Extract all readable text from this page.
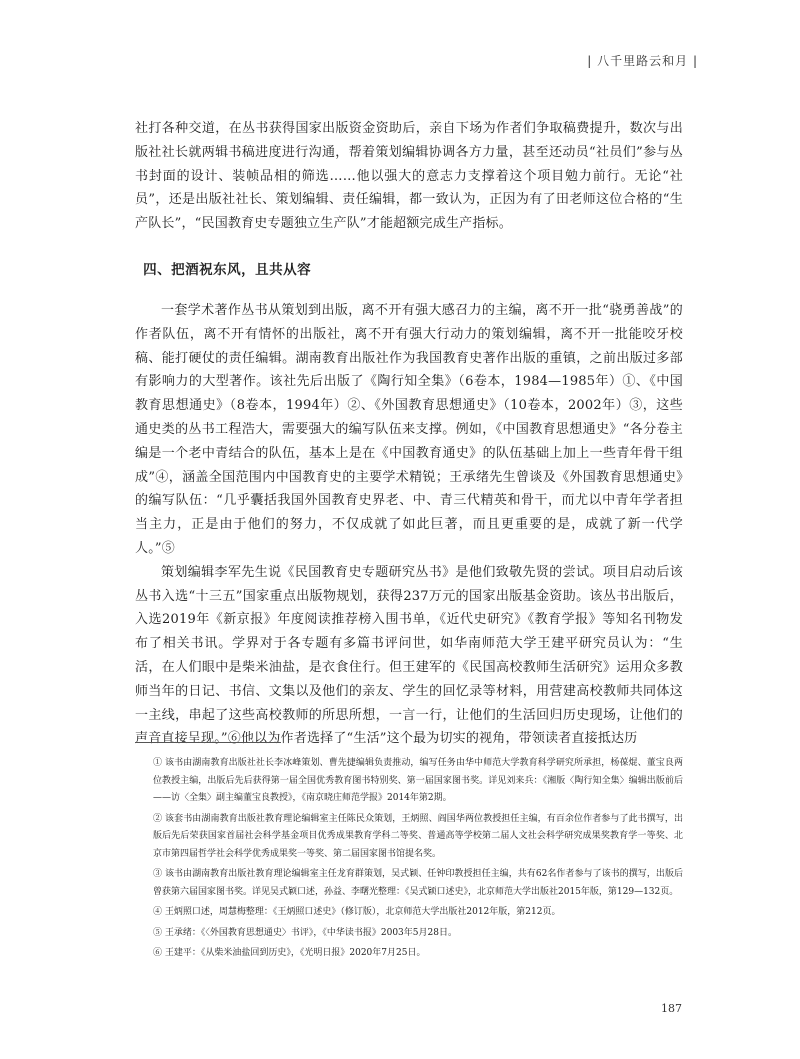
| 八千里路云和月 |

社打各种交道，在丛书获得国家出版资金资助后，亲自下场为作者们争取稿费提升，数次与出版社社长就两辑书稿进度进行沟通，帮着策划编辑协调各方力量，甚至还动员“社员们”参与丛书封面的设计、装帧品相的筛选……他以强大的意志力支撑着这个项目勉力前行。无论“社员”，还是出版社社长、策划编辑、责任编辑，都一致认为，正因为有了田老师这位合格的“生产队长”，“民国教育史专题独立生产队”才能超额完成生产指标。

四、把酒祝东风，且共从容

一套学术著作丛书从策划到出版，离不开有强大感召力的主编，离不开一批“骁勇善战”的作者队伍，离不开有情怀的出版社，离不开有强大行动力的策划编辑，离不开一批能咬牙校稿、能打硬仗的责任编辑。湖南教育出版社作为我国教育史著作出版的重镇，之前出版过多部有影响力的大型著作。该社先后出版了《陶行知全集》（6卷本，1984—1985年）①、《中国教育思想通史》（8卷本，1994年）②、《外国教育思想通史》（10卷本，2002年）③，这些通史类的丛书工程浩大，需要强大的编写队伍来支撑。例如，《中国教育思想通史》“各分卷主编是一个老中青结合的队伍，基本上是在《中国教育通史》的队伍基础上加上一些青年骨干组成”④，涵盖全国范围内中国教育史的主要学术精锐；王承绪先生曾谈及《外国教育思想通史》的编写队伍：“几乎囊括我国外国教育史界老、中、青三代精英和骨干，而尤以中青年学者担当主力，正是由于他们的努力，不仅成就了如此巨著，而且更重要的是，成就了新一代学人。”⑤

策划编辑李军先生说《民国教育史专题研究丛书》是他们致敬先贤的尝试。项目启动后该丛书入选“十三五”国家重点出版物规划，获得237万元的国家出版基金资助。该丛书出版后，入选2019年《新京报》年度阅读推荐榜入围书单，《近代史研究》《教育学报》等知名刊物发布了相关书讯。学界对于各专题有多篇书评问世，如华南师范大学王建平研究员认为：“生活，在人们眼中是柴米油盐，是衣食住行。但王建军的《民国高校教师生活研究》运用众多教师当年的日记、书信、文集以及他们的亲友、学生的回忆录等材料，用营建高校教师共同体这一主线，串起了这些高校教师的所思所想，一言一行，让他们的生活回归历史现场，让他们的声音直接呈现。”⑥他以为作者选择了“生活”这个最为切实的视角，带领读者直接抵达历

① 该书由湖南教育出版社社长李冰峰策划、曹先捷编辑负责推动，编写任务由华中师范大学教育科学研究所承担，杨葆焜、董宝良两位教授主编，出版后先后获得第一届全国优秀教育图书特别奖、第一届国家图书奖。详见刘来兵：《湘版〈陶行知全集〉编辑出版前后——访〈全集〉副主编董宝良教授》，《南京晓庄师范学报》2014年第2期。

② 该套书由湖南教育出版社教育理论编辑室主任陈民众策划，王炳照、阎国华两位教授担任主编，有百余位作者参与了此书撰写，出版后先后荣获国家首届社会科学基金项目优秀成果教育学科二等奖、普通高等学校第二届人文社会科学研究成果奖教育学一等奖、北京市第四届哲学社会科学优秀成果奖一等奖、第二届国家图书馆提名奖。

③ 该书由湖南教育出版社教育理论编辑室主任龙育群策划，吴式颖、任钟印教授担任主编，共有62名作者参与了该书的撰写，出版后曾获第六届国家图书奖。详见吴式颖口述，孙益、李曙光整理：《吴式颖口述史》，北京师范大学出版社2015年版，第129—132页。

④ 王炳照口述，周慧梅整理：《王炳照口述史》（修订版），北京师范大学出版社2012年版，第212页。

⑤ 王承绪：《〈外国教育思想通史〉书评》，《中华读书报》2003年5月28日。

⑥ 王建平：《从柴米油盐回到历史》，《光明日报》2020年7月25日。

187
